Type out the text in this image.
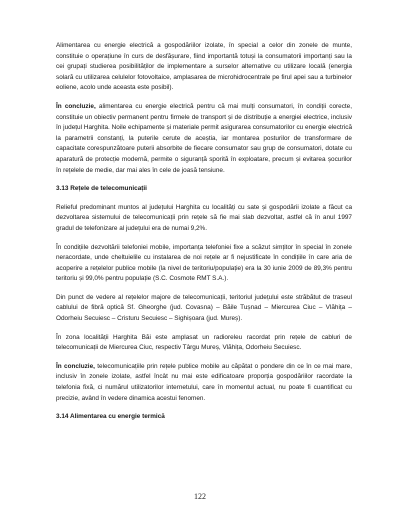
Alimentarea cu energie electrică a gospodăriilor izolate, în special a celor din zonele de munte, constituie o operațiune în curs de desfășurare, fiind importantă totuși la consumatorii importanți sau la cei grupați studierea posibilităților de implementare a surselor alternative cu utilizare locală (energia solară cu utilizarea celulelor fotovoltaice, amplasarea de microhidrocentrale pe firul apei sau a turbinelor eoliene, acolo unde aceasta este posibil).

În concluzie, alimentarea cu energie electrică pentru că mai mulți consumatori, în condiții corecte, constituie un obiectiv permanent pentru firmele de transport și de distribuție a energiei electrice, inclusiv în județul Harghita. Noile echipamente și materiale permit asigurarea consumatorilor cu energie electrică la parametrii constanți, la puterile cerute de aceștia, iar montarea posturilor de transformare de capacitate corespunzătoare puterii absorbite de fiecare consumator sau grup de consumatori, dotate cu aparatură de protecție modernă, permite o siguranță sporită în exploatare, precum și evitarea șocurilor în rețelele de medie, dar mai ales în cele de joasă tensiune.

3.13 Rețele de telecomunicații

Relieful predominant muntos al județului Harghita cu localități cu sate și gospodării izolate a făcut ca dezvoltarea sistemului de telecomunicații prin rețele să fie mai slab dezvoltat, astfel că în anul 1997 gradul de telefonizare al județului era de numai 9,2%.

În condițiile dezvoltării telefoniei mobile, importanța telefoniei fixe a scăzut simțitor în special în zonele neracordate, unde cheltuielile cu instalarea de noi rețele ar fi nejustificate în condițiile în care aria de acoperire a rețelelor publice mobile (la nivel de teritoriu/populație) era la 30 iunie 2009 de 89,3% pentru teritoriu și 99,0% pentru populație (S.C. Cosmote RMT S.A.).

Din punct de vedere al rețelelor majore de telecomunicații, teritoriul județului este străbătut de traseul cablului de fibră optică Sf. Gheorghe (jud. Covasna) – Băile Tușnad – Miercurea Ciuc – Vlăhița – Odorheiu Secuiesc – Cristuru Secuiesc – Sighișoara (jud. Mureș).

În zona localității Harghita Băi este amplasat un radioreleu racordat prin rețele de cabluri de telecomunicații de Miercurea Ciuc, respectiv Târgu Mureș, Vlăhița, Odorheiu Secuiesc.

În concluzie, telecomunicațiile prin rețele publice mobile au căpătat o pondere din ce în ce mai mare, inclusiv în zonele izolate, astfel încât nu mai este edificatoare proporția gospodăriilor racordate la telefonia fixă, ci numărul utilizatorilor internetului, care în momentul actual, nu poate fi cuantificat cu precizie, având în vedere dinamica acestui fenomen.

3.14 Alimentarea cu energie termică

122
